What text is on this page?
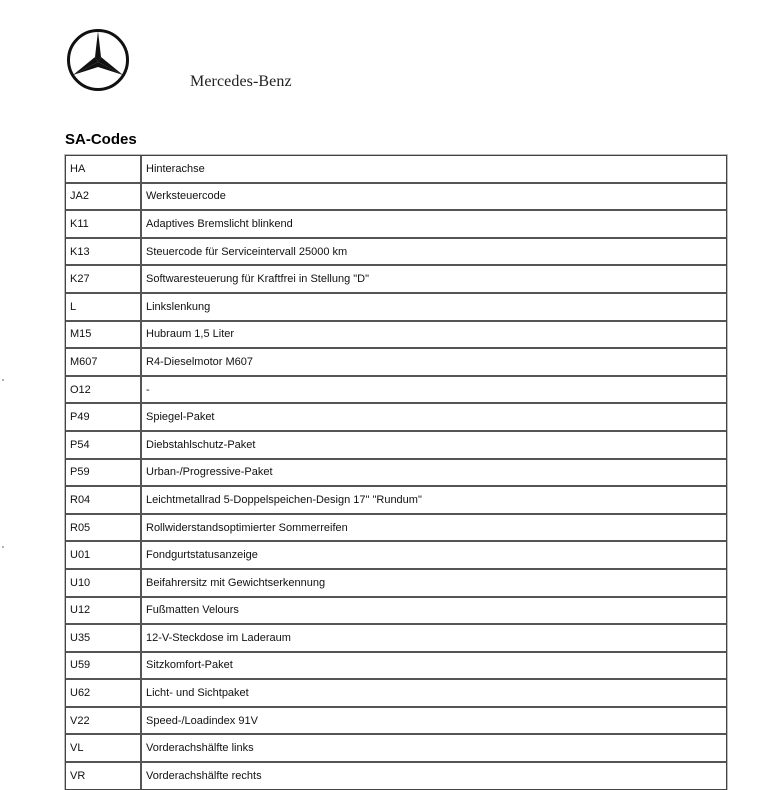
Mercedes-Benz
SA-Codes
HA	Hinterachse
JA2	Werksteuercode
K11	Adaptives Bremslicht blinkend
K13	Steuercode für Serviceintervall 25000 km
K27	Softwaresteuerung für Kraftfrei in Stellung "D"
L	Linkslenkung
M15	Hubraum 1,5 Liter
M607	R4-Dieselmotor M607
O12	-
P49	Spiegel-Paket
P54	Diebstahlschutz-Paket
P59	Urban-/Progressive-Paket
R04	Leichtmetallrad 5-Doppelspeichen-Design 17" "Rundum"
R05	Rollwiderstandsoptimierter Sommerreifen
U01	Fondgurtstatusanzeige
U10	Beifahrersitz mit Gewichtserkennung
U12	Fußmatten Velours
U35	12-V-Steckdose im Laderaum
U59	Sitzkomfort-Paket
U62	Licht- und Sichtpaket
V22	Speed-/Loadindex 91V
VL	Vorderachshälfte links
VR	Vorderachshälfte rechts
